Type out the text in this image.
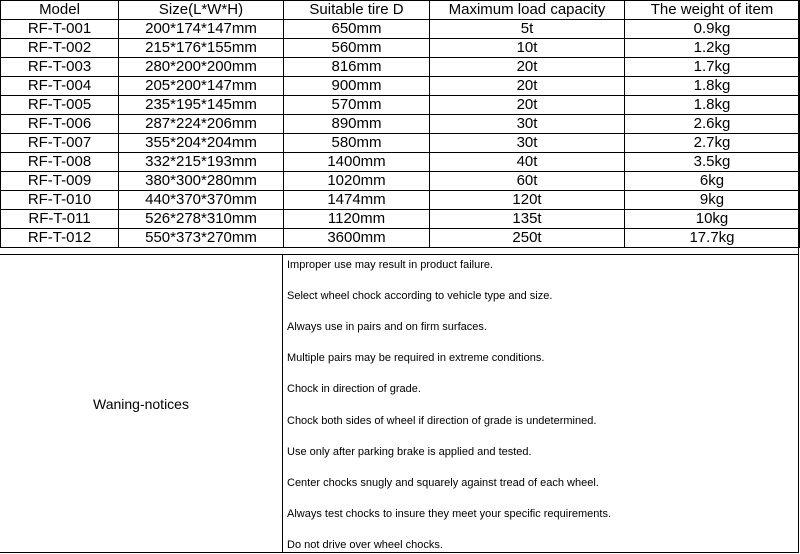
Model	Size(L*W*H)	Suitable tire D	Maximum load capacity	The weight of item
RF-T-001	200*174*147mm	650mm	5t	0.9kg
RF-T-002	215*176*155mm	560mm	10t	1.2kg
RF-T-003	280*200*200mm	816mm	20t	1.7kg
RF-T-004	205*200*147mm	900mm	20t	1.8kg
RF-T-005	235*195*145mm	570mm	20t	1.8kg
RF-T-006	287*224*206mm	890mm	30t	2.6kg
RF-T-007	355*204*204mm	580mm	30t	2.7kg
RF-T-008	332*215*193mm	1400mm	40t	3.5kg
RF-T-009	380*300*280mm	1020mm	60t	6kg
RF-T-010	440*370*370mm	1474mm	120t	9kg
RF-T-011	526*278*310mm	1120mm	135t	10kg
RF-T-012	550*373*270mm	3600mm	250t	17.7kg
Waning-notices
Improper use may result in product failure.
Select wheel chock according to vehicle type and size.
Always use in pairs and on firm surfaces.
Multiple pairs may be required in extreme conditions.
Chock in direction of grade.
Chock both sides of wheel if direction of grade is undetermined.
Use only after parking brake is applied and tested.
Center chocks snugly and squarely against tread of each wheel.
Always test chocks to insure they meet your specific requirements.
Do not drive over wheel chocks.
